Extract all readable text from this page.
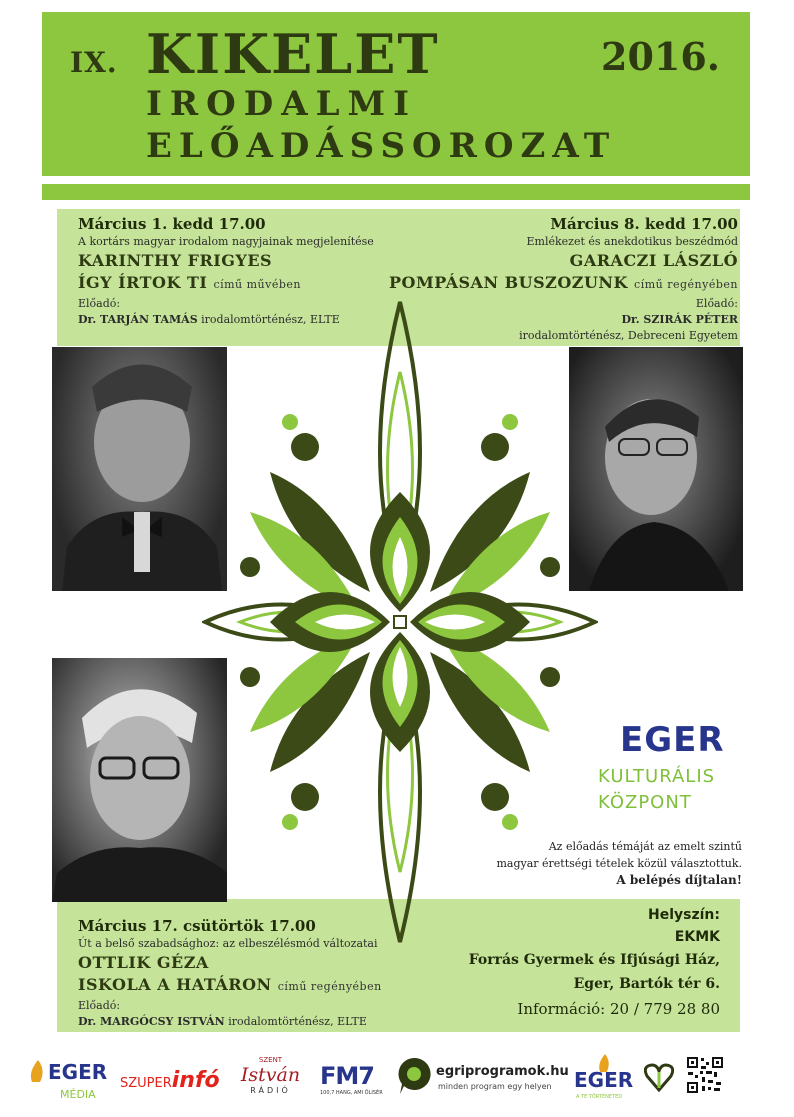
IX. KIKELET
IRODALMI
ELŐADÁSSOROZAT
2016.
Március 1. kedd 17.00
A kortárs magyar irodalom nagyjainak megjelenítése
KARINTHY FRIGYES
ÍGY ÍRTOK TI című művében
Előadó:
Dr. TARJÁN TAMÁS irodalomtörténész, ELTE
Március 8. kedd 17.00
Emlékezet és anekdotikus beszédmód
GARACZI LÁSZLÓ
POMPÁSAN BUSZOZUNK című regényében
Előadó:
Dr. SZIRÁK PÉTER
irodalomtörténész, Debreceni Egyetem
EGER
KULTURÁLIS
KÖZPONT
Az előadás témáját az emelt szintű
magyar érettségi tételek közül választottuk.
A belépés díjtalan!
Március 17. csütörtök 17.00
Út a belső szabadsághoz: az elbeszélésmód változatai
OTTLIK GÉZA
ISKOLA A HATÁRON című regényében
Előadó:
Dr. MARGÓCSY ISTVÁN irodalomtörténész, ELTE
Helyszín:
EKMK
Forrás Gyermek és Ifjúsági Ház,
Eger, Bartók tér 6.
Információ: 20 / 779 28 80
EGER
MÉDIA
SZUPERinfó
SZENT
István
RÁDIÓ
FM7
100,7 HANG, AMI ÖLISÉR
egriprogramok.hu
minden program egy helyen EGER
A TE TÖRTÉNETED
